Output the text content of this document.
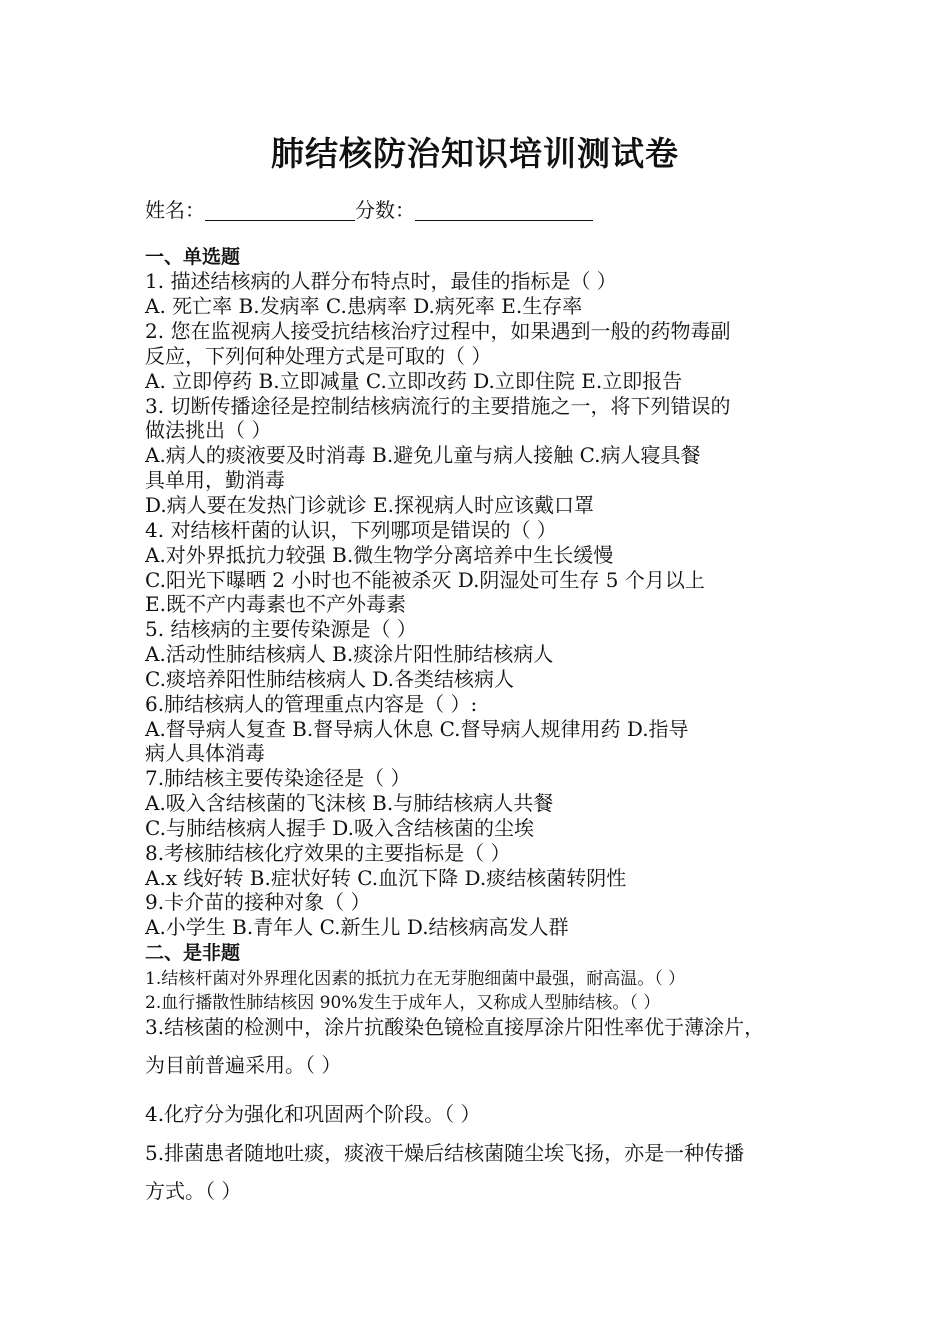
肺结核防治知识培训测试卷
姓名：	分数：
一、单选题
1. 描述结核病的人群分布特点时，最佳的指标是（ ）
A. 死亡率 B.发病率 C.患病率 D.病死率 E.生存率
2. 您在监视病人接受抗结核治疗过程中，如果遇到一般的药物毒副
反应，下列何种处理方式是可取的（ ）
A. 立即停药 B.立即减量 C.立即改药 D.立即住院 E.立即报告
3. 切断传播途径是控制结核病流行的主要措施之一，将下列错误的
做法挑出（ ）
A.病人的痰液要及时消毒 B.避免儿童与病人接触 C.病人寝具餐
具单用，勤消毒
D.病人要在发热门诊就诊 E.探视病人时应该戴口罩
4. 对结核杆菌的认识，下列哪项是错误的（ ）
A.对外界抵抗力较强 B.微生物学分离培养中生长缓慢
C.阳光下曝晒 2 小时也不能被杀灭 D.阴湿处可生存 5 个月以上
E.既不产内毒素也不产外毒素
5. 结核病的主要传染源是（ ）
A.活动性肺结核病人 B.痰涂片阳性肺结核病人
C.痰培养阳性肺结核病人 D.各类结核病人
6.肺结核病人的管理重点内容是（ ）:
A.督导病人复查 B.督导病人休息 C.督导病人规律用药 D.指导
病人具体消毒
7.肺结核主要传染途径是（ ）
A.吸入含结核菌的飞沫核 B.与肺结核病人共餐
C.与肺结核病人握手 D.吸入含结核菌的尘埃
8.考核肺结核化疗效果的主要指标是（ ）
A.x 线好转 B.症状好转 C.血沉下降 D.痰结核菌转阴性
9.卡介苗的接种对象（ ）
A.小学生 B.青年人 C.新生儿 D.结核病高发人群
二、是非题
1.结核杆菌对外界理化因素的抵抗力在无芽胞细菌中最强，耐高温。（ ）
2.血行播散性肺结核因 90%发生于成年人，又称成人型肺结核。（ ）
3.结核菌的检测中，涂片抗酸染色镜检直接厚涂片阳性率优于薄涂片，
为目前普遍采用。（ ）
4.化疗分为强化和巩固两个阶段。（ ）
5.排菌患者随地吐痰，痰液干燥后结核菌随尘埃飞扬，亦是一种传播
方式。（ ）
